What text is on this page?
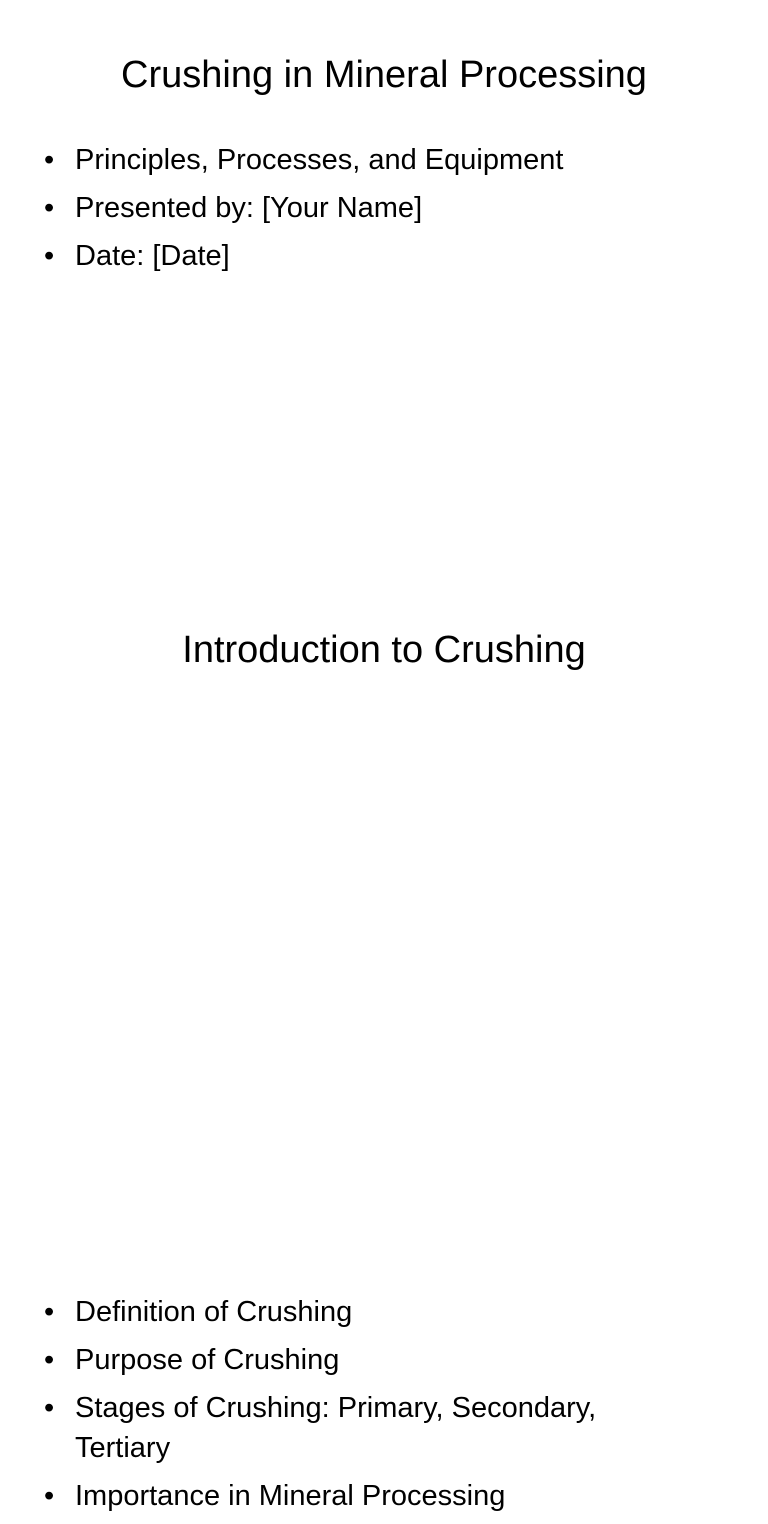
Crushing in Mineral Processing
• Principles, Processes, and Equipment
• Presented by: [Your Name]
• Date: [Date]
Introduction to Crushing
• Definition of Crushing
• Purpose of Crushing
• Stages of Crushing: Primary, Secondary, Tertiary
• Importance in Mineral Processing
